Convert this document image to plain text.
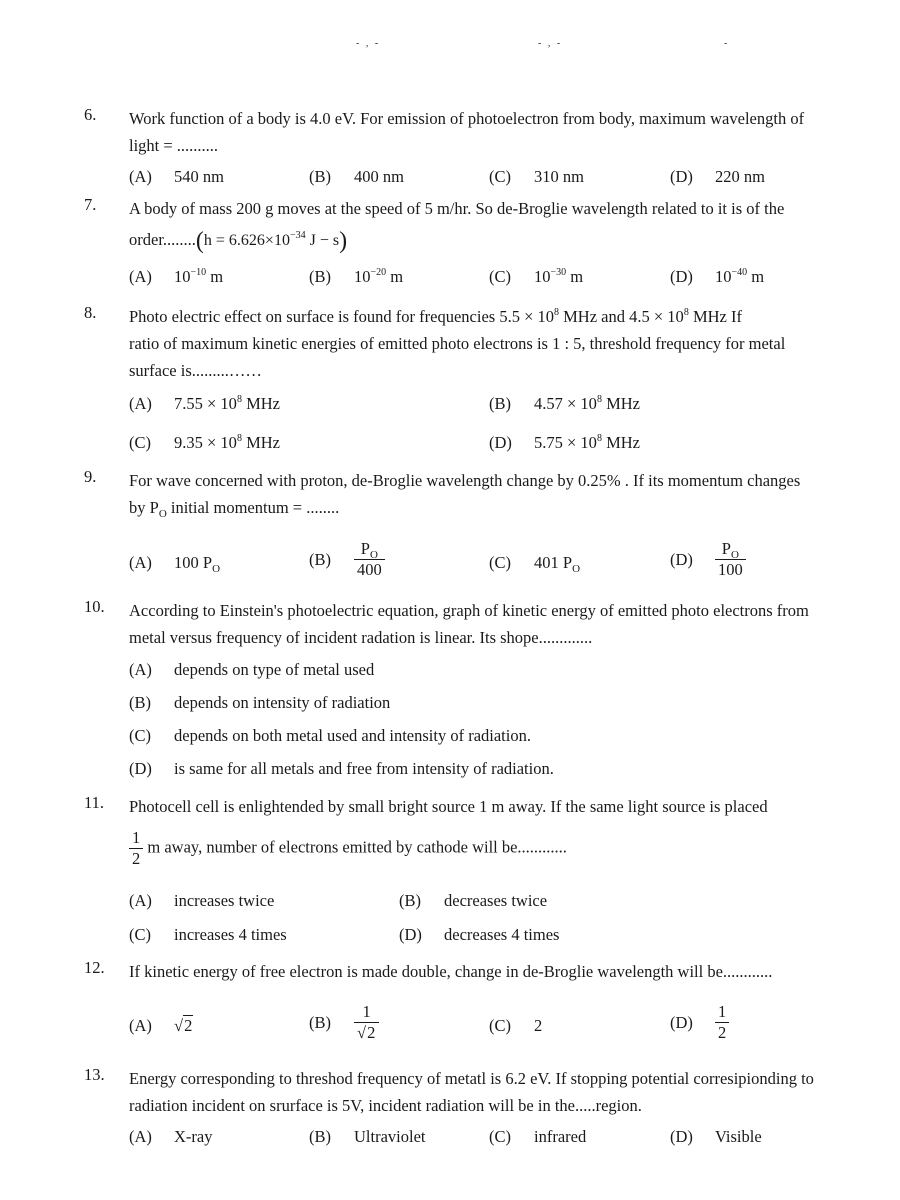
- , -	- , -	-
6. Work function of a body is 4.0 eV. For emission of photoelectron from body, maximum wavelength of light = ..........
(A) 540 nm	(B) 400 nm	(C) 310 nm	(D) 220 nm
7. A body of mass 200 g moves at the speed of 5 m/hr. So de-Broglie wavelength related to it is of the
order........(h = $6.626\times 10^{-34}$ J − s)
(A) $10^{-10}$ m	(B) $10^{-20}$ m	(C) $10^{-30}$ m	(D) $10^{-40}$ m
8. Photo electric effect on surface is found for frequencies $5.5 \times 10^8$ MHz and $4.5 \times 10^8$ MHz If
ratio of maximum kinetic energies of emitted photo electrons is 1 : 5, threshold frequency for metal
surface is.........……
(A) $7.55 \times 10^8$ MHz	(B) $4.57 \times 10^8$ MHz
(C) $9.35 \times 10^8$ MHz	(D) $5.75 \times 10^8$ MHz
9. For wave concerned with proton, de-Broglie wavelength change by 0.25% . If its momentum changes
by $P_O$ initial momentum = ........
(A) 100 $P_O$
$(B) \frac{P_O}{400}$	(C) 401 $P_O$
$(D) \frac{P_O}{100}$
10. According to Einstein's photoelectric equation, graph of kinetic energy of emitted photo electrons from metal versus frequency of incident radation is linear. Its shope.............
(A) depends on type of metal used
(B) depends on intensity of radiation
(C) depends on both metal used and intensity of radiation.
(D) is same for all metals and free from intensity of radiation.
11. Photocell cell is enlightended by small bright source 1 m away. If the same light source is placed
$\frac{1}{2}$ m away, number of electrons emitted by cathode will be............
(A) increases twice	(B) decreases twice
(C) increases 4 times	(D) decreases 4 times
12. If kinetic energy of free electron is made double, change in de-Broglie wavelength will be............
(A) √2	$(B) \frac{1}{√2}$	(C) 2	$(D) \frac{1}{2}$
13. Energy corresponding to threshod frequency of metatl is 6.2 eV. If stopping potential corresipionding to radiation incident on srurface is 5V, incident radiation will be in the.....region.
(A) X-ray	(B) Ultraviolet	(C) infrared	(D) Visible
